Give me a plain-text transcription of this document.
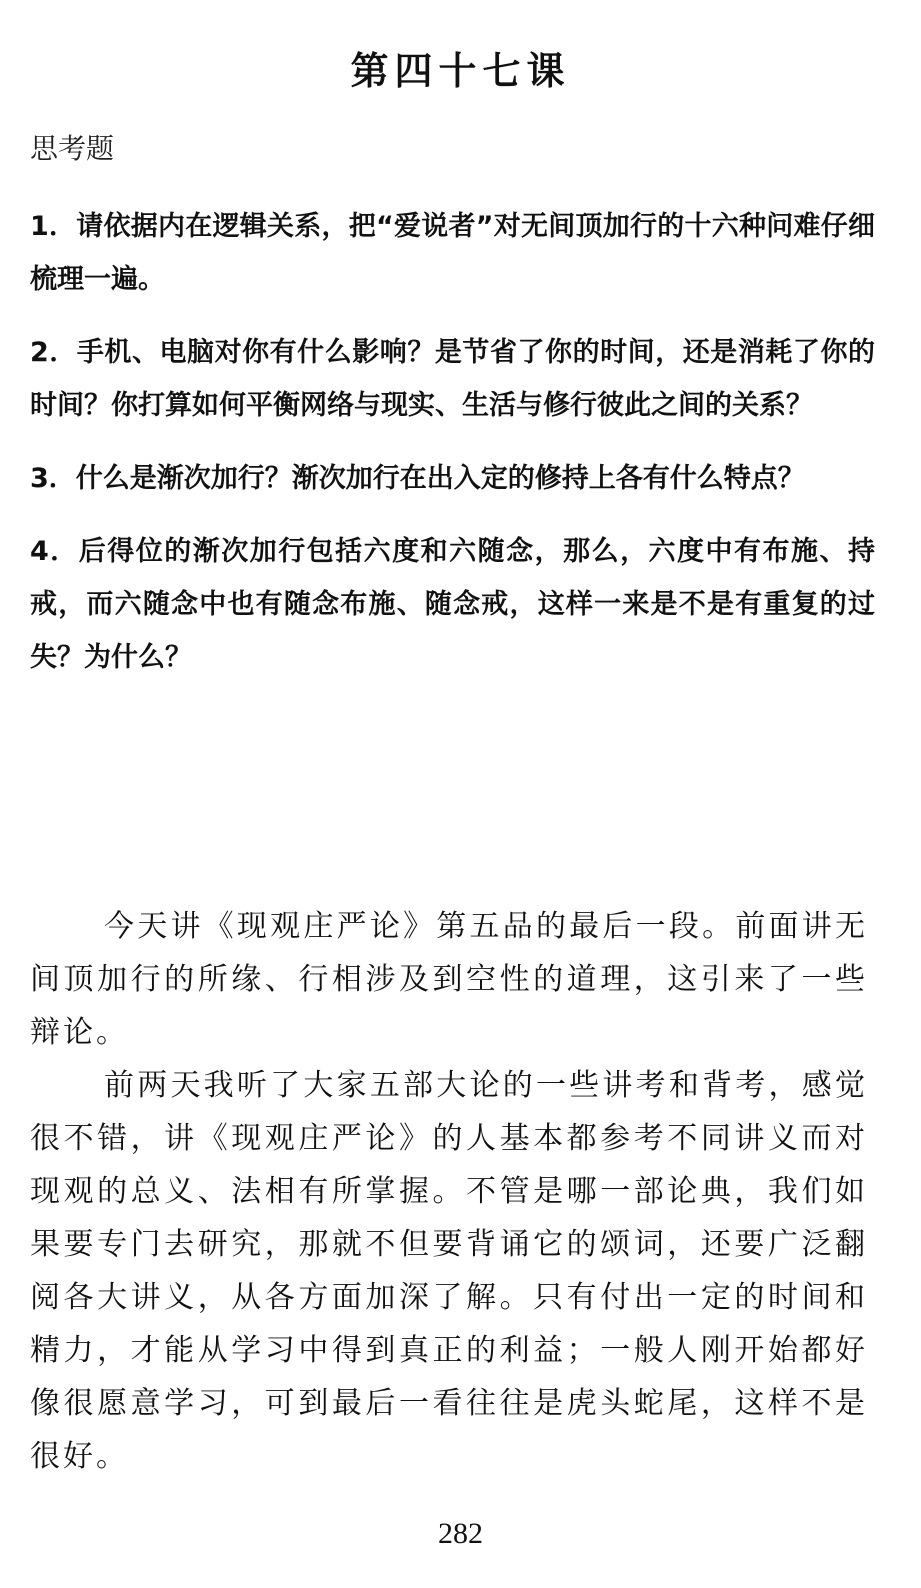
第四十七课
思考题
1．请依据内在逻辑关系，把“爱说者”对无间顶加行的十六种问难仔细梳理一遍。
2．手机、电脑对你有什么影响？是节省了你的时间，还是消耗了你的时间？你打算如何平衡网络与现实、生活与修行彼此之间的关系？
3．什么是渐次加行？渐次加行在出入定的修持上各有什么特点？
4．后得位的渐次加行包括六度和六随念，那么，六度中有布施、持戒，而六随念中也有随念布施、随念戒，这样一来是不是有重复的过失？为什么？

今天讲《现观庄严论》第五品的最后一段。前面讲无间顶加行的所缘、行相涉及到空性的道理，这引来了一些辩论。

前两天我听了大家五部大论的一些讲考和背考，感觉很不错，讲《现观庄严论》的人基本都参考不同讲义而对现观的总义、法相有所掌握。不管是哪一部论典，我们如果要专门去研究，那就不但要背诵它的颂词，还要广泛翻阅各大讲义，从各方面加深了解。只有付出一定的时间和精力，才能从学习中得到真正的利益；一般人刚开始都好像很愿意学习，可到最后一看往往是虎头蛇尾，这样不是很好。

282
